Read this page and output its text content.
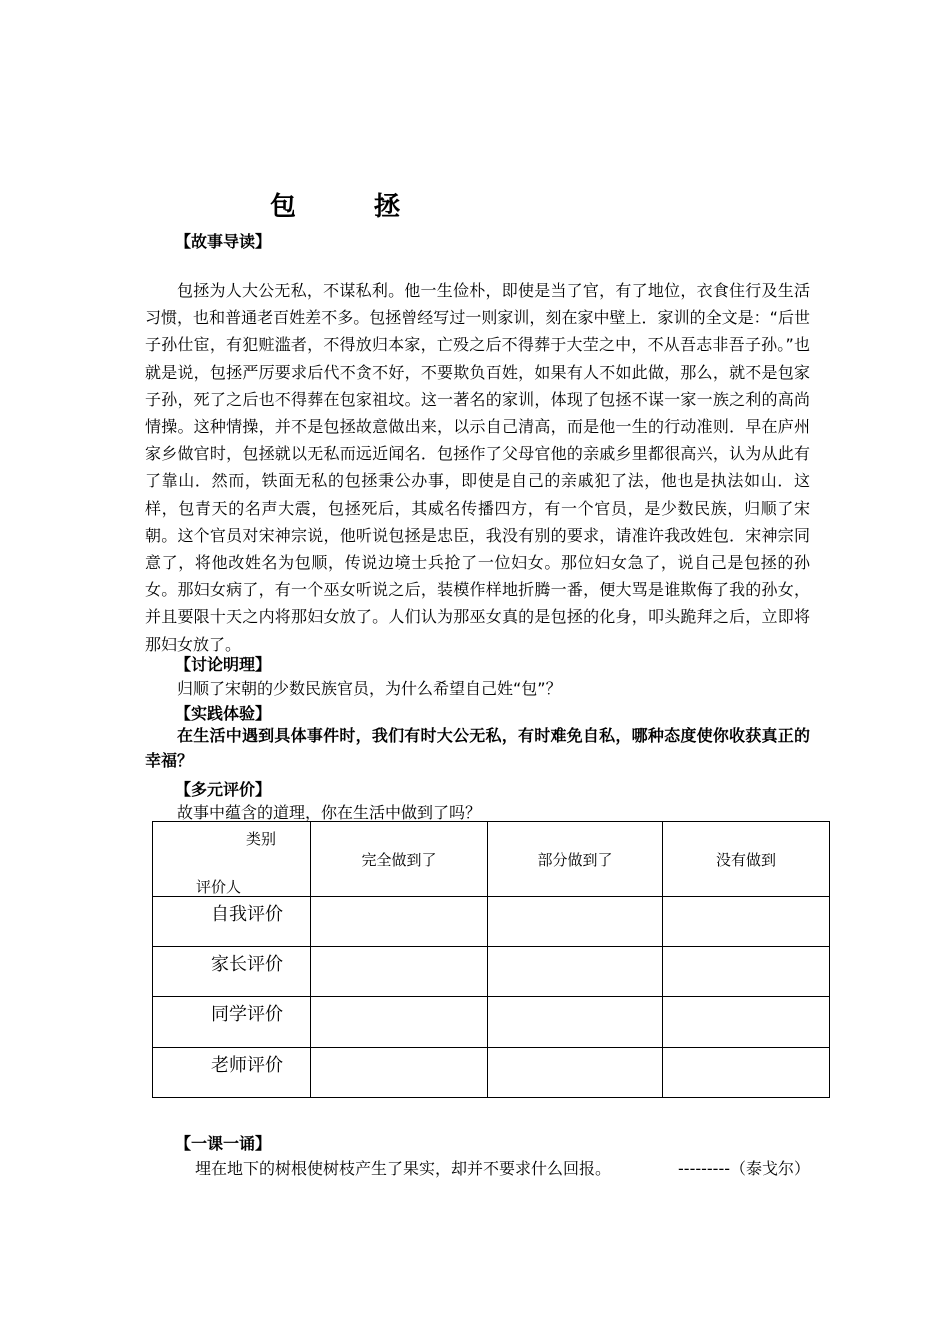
包　拯
【故事导读】

包拯为人大公无私，不谋私利。他一生俭朴，即使是当了官，有了地位，衣食住行及生活习惯，也和普通老百姓差不多。包拯曾经写过一则家训，刻在家中壁上．家训的全文是：“后世子孙仕宦，有犯赃滥者，不得放归本家，亡殁之后不得葬于大茔之中，不从吾志非吾子孙。”也就是说，包拯严厉要求后代不贪不好，不要欺负百姓，如果有人不如此做，那么，就不是包家子孙，死了之后也不得葬在包家祖坟。这一著名的家训，体现了包拯不谋一家一族之利的高尚情操。这种情操，并不是包拯故意做出来，以示自己清高，而是他一生的行动准则．早在庐州家乡做官时，包拯就以无私而远近闻名．包拯作了父母官他的亲戚乡里都很高兴，认为从此有了靠山．然而，铁面无私的包拯秉公办事，即使是自己的亲戚犯了法，他也是执法如山．这样，包青天的名声大震，包拯死后，其威名传播四方，有一个官员，是少数民族，归顺了宋朝。这个官员对宋神宗说，他听说包拯是忠臣，我没有别的要求，请准许我改姓包．宋神宗同意了，将他改姓名为包顺，传说边境士兵抢了一位妇女。那位妇女急了，说自己是包拯的孙女。那妇女病了，有一个巫女听说之后，装模作样地折腾一番，便大骂是谁欺侮了我的孙女，并且要限十天之内将那妇女放了。人们认为那巫女真的是包拯的化身，叩头跪拜之后，立即将那妇女放了。

【讨论明理】
归顺了宋朝的少数民族官员，为什么希望自己姓“包”？
【实践体验】

在生活中遇到具体事件时，我们有时大公无私，有时难免自私，哪种态度使你收获真正的幸福？

【多元评价】
故事中蕴含的道理，你在生活中做到了吗？
类别
评价人	完全做到了	部分做到了	没有做到
自我评价			
家长评价			
同学评价			
老师评价			
【一课一诵】
埋在地下的树根使树枝产生了果实，却并不要求什么回报。	---------（泰戈尔）
